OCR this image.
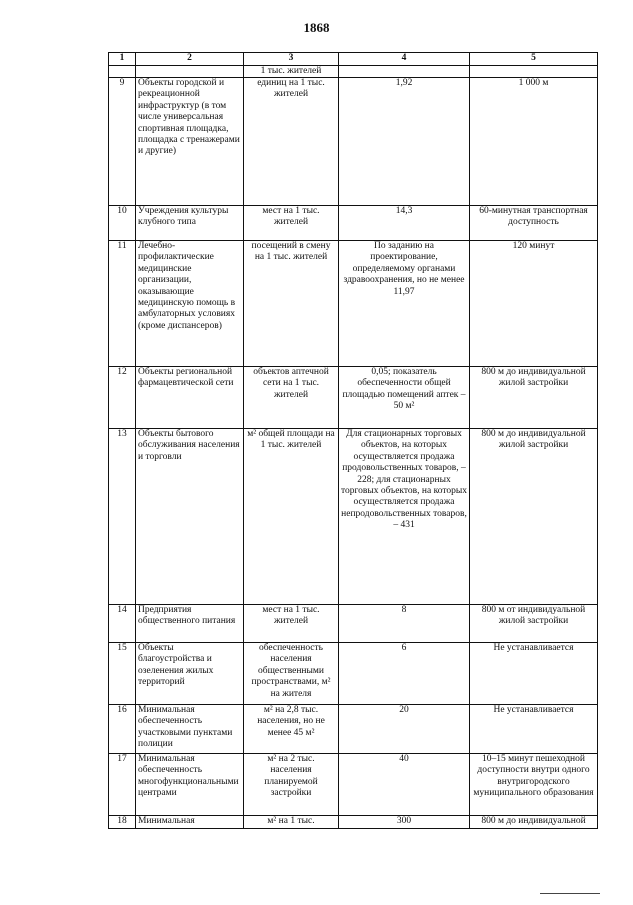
1868
1	2	3	4	5
		1 тыс. жителей		
9	Объекты городской и рекреационной инфраструктур (в том числе универсальная спортивная площадка, площадка с тренажерами и другие)	единиц на 1 тыс. жителей	1,92	1 000 м
10	Учреждения культуры клубного типа	мест на 1 тыс. жителей	14,3	60-минутная транспортная доступность
11	Лечебно-профилактические медицинские организации, оказывающие медицинскую помощь в амбулаторных условиях (кроме диспансеров)	посещений в смену на 1 тыс. жителей	По заданию на проектирование, определяемому органами здравоохранения, но не менее 11,97	120 минут
12	Объекты региональной фармацевтической сети	объектов аптечной сети на 1 тыс. жителей	0,05; показатель обеспеченности общей площадью помещений аптек – 50 м²	800 м до индивидуальной жилой застройки
13	Объекты бытового обслуживания населения и торговли	м² общей площади на 1 тыс. жителей	Для стационарных торговых объектов, на которых осуществляется продажа продовольственных товаров, – 228; для стационарных торговых объектов, на которых осуществляется продажа непродовольственных товаров, – 431	800 м до индивидуальной жилой застройки
14	Предприятия общественного питания	мест на 1 тыс. жителей	8	800 м от индивидуальной жилой застройки
15	Объекты благоустройства и озеленения жилых территорий	обеспеченность населения общественными пространствами, м² на жителя	6	Не устанавливается
16	Минимальная обеспеченность участковыми пунктами полиции	м² на 2,8 тыс. населения, но не менее 45 м²	20	Не устанавливается
17	Минимальная обеспеченность многофункциональными центрами	м² на 2 тыс. населения планируемой застройки	40	10–15 минут пешеходной доступности внутри одного внутригородского муниципального образования
18	Минимальная	м² на 1 тыс.	300	800 м до индивидуальной
